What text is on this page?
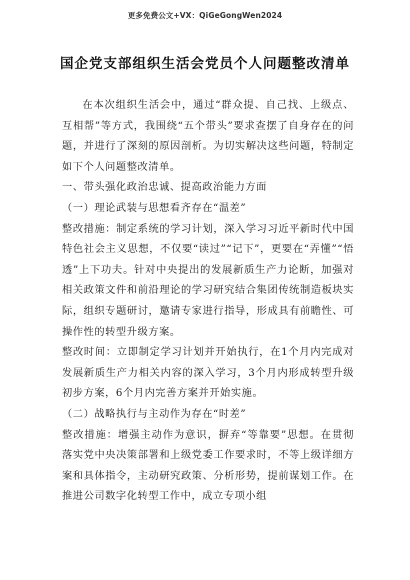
更多免费公文+VX：QiGeGongWen2024
国企党支部组织生活会党员个人问题整改清单

在本次组织生活会中，通过“群众提、自己找、上级点、互相帮”等方式，我围绕“五个带头”要求查摆了自身存在的问题，并进行了深刻的原因剖析。为切实解决这些问题，特制定如下个人问题整改清单。

一、带头强化政治忠诚、提高政治能力方面

（一）理论武装与思想看齐存在“温差”

整改措施：制定系统的学习计划，深入学习习近平新时代中国特色社会主义思想，不仅要“读过”“记下”，更要在“弄懂”“悟透”上下功夫。针对中央提出的发展新质生产力论断，加强对相关政策文件和前沿理论的学习研究结合集团传统制造板块实际，组织专题研讨，邀请专家进行指导，形成具有前瞻性、可操作性的转型升级方案。

整改时间：立即制定学习计划并开始执行，在1个月内完成对发展新质生产力相关内容的深入学习，3个月内形成转型升级初步方案，6个月内完善方案并开始实施。

（二）战略执行与主动作为存在“时差”

整改措施：增强主动作为意识，摒弃“等靠要”思想。在贯彻落实党中央决策部署和上级党委工作要求时，不等上级详细方案和具体指令，主动研究政策、分析形势，提前谋划工作。在推进公司数字化转型工作中，成立专项小组
